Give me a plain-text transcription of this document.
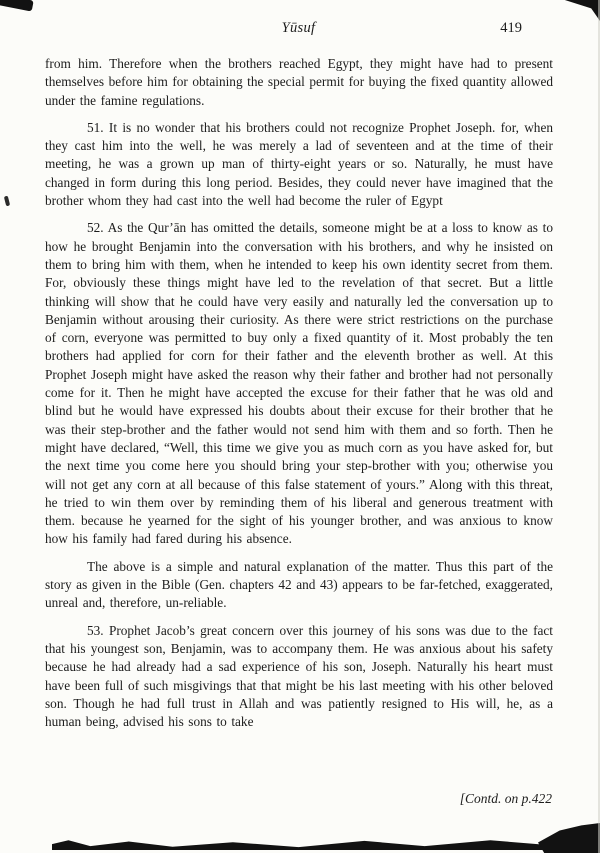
Yūsuf	419

from him. Therefore when the brothers reached Egypt, they might have had to present themselves before him for obtaining the special permit for buying the fixed quantity allowed under the famine regulations.

51. It is no wonder that his brothers could not recognize Prophet Joseph. for, when they cast him into the well, he was merely a lad of seventeen and at the time of their meeting, he was a grown up man of thirty-eight years or so. Naturally, he must have changed in form during this long period. Besides, they could never have imagined that the brother whom they had cast into the well had become the ruler of Egypt

52. As the Qur’ān has omitted the details, someone might be at a loss to know as to how he brought Benjamin into the conversation with his brothers, and why he insisted on them to bring him with them, when he intended to keep his own identity secret from them. For, obviously these things might have led to the revelation of that secret. But a little thinking will show that he could have very easily and naturally led the conversation up to Benjamin without arousing their curiosity. As there were strict restrictions on the purchase of corn, everyone was permitted to buy only a fixed quantity of it. Most probably the ten brothers had applied for corn for their father and the eleventh brother as well. At this Prophet Joseph might have asked the reason why their father and brother had not personally come for it. Then he might have accepted the excuse for their father that he was old and blind but he would have expressed his doubts about their excuse for their brother that he was their step-brother and the father would not send him with them and so forth. Then he might have declared, “Well, this time we give you as much corn as you have asked for, but the next time you come here you should bring your step-brother with you; otherwise you will not get any corn at all because of this false statement of yours.” Along with this threat, he tried to win them over by reminding them of his liberal and generous treatment with them. because he yearned for the sight of his younger brother, and was anxious to know how his family had fared during his absence.

The above is a simple and natural explanation of the matter. Thus this part of the story as given in the Bible (Gen. chapters 42 and 43) appears to be far-fetched, exaggerated, unreal and, therefore, un-reliable.

53. Prophet Jacob’s great concern over this journey of his sons was due to the fact that his youngest son, Benjamin, was to accompany them. He was anxious about his safety because he had already had a sad experience of his son, Joseph. Naturally his heart must have been full of such misgivings that that might be his last meeting with his other beloved son. Though he had full trust in Allah and was patiently resigned to His will, he, as a human being, advised his sons to take

[Contd. on p.422
